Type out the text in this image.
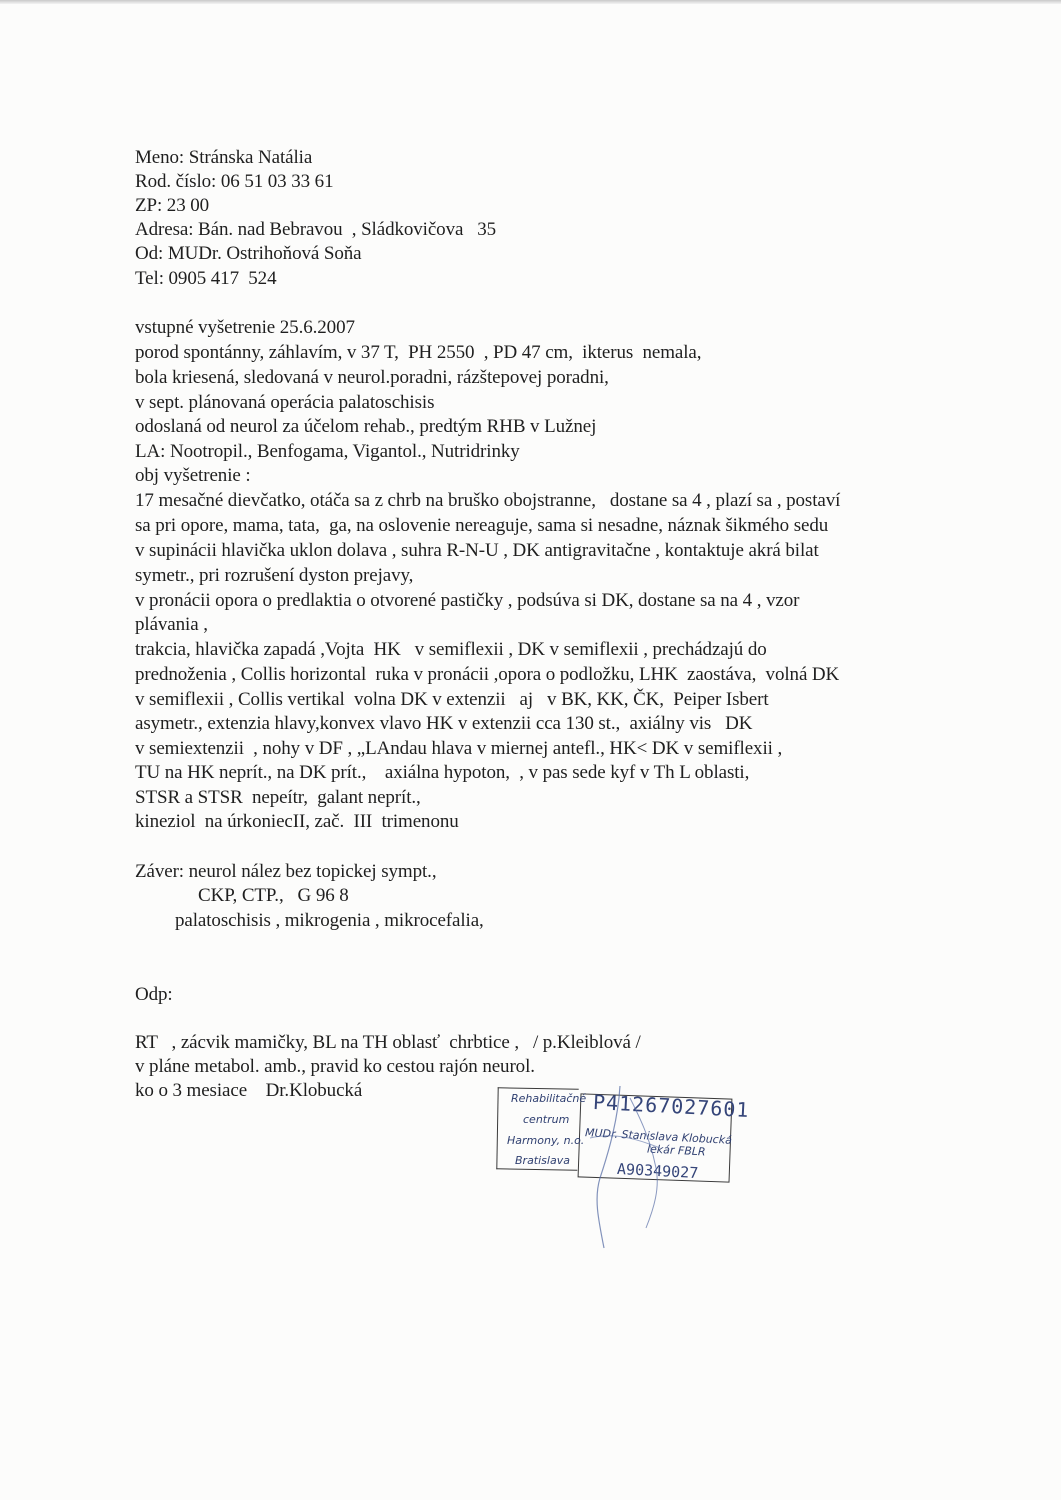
Meno: Stránska Natália
Rod. číslo: 06 51 03 33 61
ZP: 23 00
Adresa: Bán. nad Bebravou  , Sládkovičova   35
Od: MUDr. Ostrihoňová Soňa
Tel: 0905 417  524
vstupné vyšetrenie 25.6.2007
porod spontánny, záhlavím, v 37 T,  PH 2550  , PD 47 cm,  ikterus  nemala,
bola kriesená, sledovaná v neurol.poradni, rázštepovej poradni,
v sept. plánovaná operácia palatoschisis
odoslaná od neurol za účelom rehab., predtým RHB v Lužnej
LA: Nootropil., Benfogama, Vigantol., Nutridrinky
obj vyšetrenie :
17 mesačné dievčatko, otáča sa z chrb na bruško obojstranne,   dostane sa 4 , plazí sa , postaví
sa pri opore, mama, tata,  ga, na oslovenie nereaguje, sama si nesadne, náznak šikmého sedu
v supinácii hlavička uklon dolava , suhra R-N-U , DK antigravitačne , kontaktuje akrá bilat
symetr., pri rozrušení dyston prejavy,
v pronácii opora o predlaktia o otvorené pastičky , podsúva si DK, dostane sa na 4 , vzor
plávania ,
trakcia, hlavička zapadá ,Vojta  HK   v semiflexii , DK v semiflexii , prechádzajú do
prednoženia , Collis horizontal  ruka v pronácii ,opora o podložku, LHK  zaostáva,  volná DK
v semiflexii , Collis vertikal  volna DK v extenzii   aj   v BK, KK, ČK,  Peiper Isbert
asymetr., extenzia hlavy,konvex vlavo HK v extenzii cca 130 st.,  axiálny vis   DK
v semiextenzii  , nohy v DF , „LAndau hlava v miernej antefl., HK< DK v semiflexii ,
TU na HK neprít., na DK prít.,    axiálna hypoton,  , v pas sede kyf v Th L oblasti,
STSR a STSR  nepeítr,  galant neprít.,
kineziol  na úrkoniecII, zač.  III  trimenonu
Záver: neurol nález bez topickej sympt.,
CKP, CTP.,   G 96 8
palatoschisis , mikrogenia , mikrocefalia,
Odp:
RT   , zácvik mamičky, BL na TH oblasť  chrbtice ,   / p.Kleiblová /
v pláne metabol. amb., pravid ko cestou rajón neurol.
ko o 3 mesiace    Dr.Klobucká	Rehabilitačné
centrum
Harmony, n.o.
Bratislava
P41267027601
MUDr. Stanislava Klobucká
lekár FBLR
A90349027
